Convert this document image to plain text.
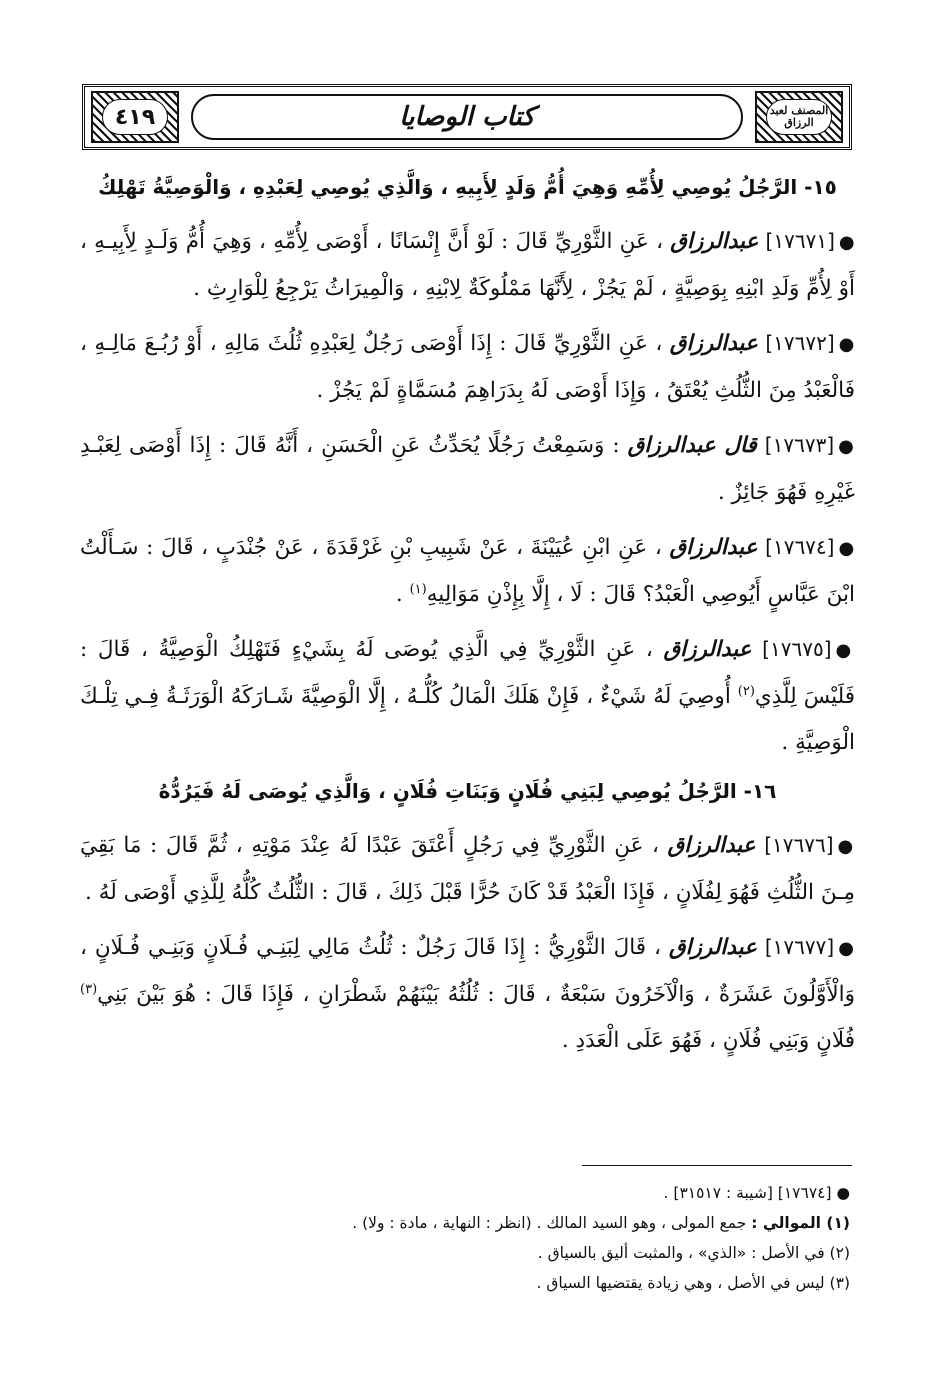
المصنف لعبد الرزاق
كتاب الوصايا
٤١٩
١٥- الرَّجُلُ يُوصِي لِأُمِّهِ وَهِيَ أُمُّ وَلَدٍ لِأَبِيهِ ، وَالَّذِي يُوصِي لِعَبْدِهِ ، وَالْوَصِيَّةُ تَهْلِكُ

●[١٧٦٧١] عبدالرزاق ، عَنِ الثَّوْرِيِّ قَالَ : لَوْ أَنَّ إِنْسَانًا ، أَوْصَى لِأُمِّهِ ، وَهِيَ أُمُّ وَلَـدٍ لِأَبِيـهِ ، أَوْ لِأُمِّ وَلَدِ ابْنِهِ بِوَصِيَّةٍ ، لَمْ يَجُزْ ، لِأَنَّهَا مَمْلُوكَةٌ لِابْنِهِ ، وَالْمِيرَاثُ يَرْجِعُ لِلْوَارِثِ .

●[١٧٦٧٢] عبدالرزاق ، عَنِ الثَّوْرِيِّ قَالَ : إِذَا أَوْصَى رَجُلٌ لِعَبْدِهِ ثُلُثَ مَالِهِ ، أَوْ رُبُـعَ مَالِـهِ ، فَالْعَبْدُ مِنَ الثُّلُثِ يُعْتَقُ ، وَإِذَا أَوْصَى لَهُ بِدَرَاهِمَ مُسَمَّاةٍ لَمْ يَجُزْ .

●[١٧٦٧٣] قال عبدالرزاق : وَسَمِعْتُ رَجُلًا يُحَدِّثُ عَنِ الْحَسَنِ ، أَنَّهُ قَالَ : إِذَا أَوْصَى لِعَبْـدِ غَيْرِهِ فَهُوَ جَائِزٌ .

●[١٧٦٧٤] عبدالرزاق ، عَنِ ابْنِ عُيَيْنَةَ ، عَنْ شَبِيبِ بْنِ غَرْقَدَةَ ، عَنْ جُنْدَبٍ ، قَالَ : سَـأَلْتُ ابْنَ عَبَّاسٍ أَيُوصِي الْعَبْدُ؟ قَالَ : لَا ، إِلَّا بِإِذْنِ مَوَالِيهِ$^{(١)}$ .

●[١٧٦٧٥] عبدالرزاق ، عَنِ الثَّوْرِيِّ فِي الَّذِي يُوصَى لَهُ بِشَيْءٍ فَتَهْلِكُ الْوَصِيَّةُ ، قَالَ : فَلَيْسَ لِلَّذِي$^{(٢)}$ أُوصِيَ لَهُ شَيْءٌ ، فَإِنْ هَلَكَ الْمَالُ كُلُّـهُ ، إِلَّا الْوَصِيَّةَ شَـارَكَهُ الْوَرَثَـةُ فِـي تِلْـكَ الْوَصِيَّةِ .

١٦- الرَّجُلُ يُوصِي لِبَنِي فُلَانٍ وَبَنَاتِ فُلَانٍ ، وَالَّذِي يُوصَى لَهُ فَيَرُدُّهُ

●[١٧٦٧٦] عبدالرزاق ، عَنِ الثَّوْرِيِّ فِي رَجُلٍ أَعْتَقَ عَبْدًا لَهُ عِنْدَ مَوْتِهِ ، ثُمَّ قَالَ : مَا بَقِيَ مِـنَ الثُّلُثِ فَهُوَ لِفُلَانٍ ، فَإِذَا الْعَبْدُ قَدْ كَانَ حُرًّا قَبْلَ ذَلِكَ ، قَالَ : الثُّلُثُ كُلُّهُ لِلَّذِي أَوْصَى لَهُ .

●[١٧٦٧٧] عبدالرزاق ، قَالَ الثَّوْرِيُّ : إِذَا قَالَ رَجُلٌ : ثُلُثُ مَالِي لِبَنِـي فُـلَانٍ وَبَنِـي فُـلَانٍ ، وَالْأَوَّلُونَ عَشَرَةٌ ، وَالْآخَرُونَ سَبْعَةٌ ، قَالَ : ثُلُثُهُ بَيْنَهُمْ شَطْرَانِ ، فَإِذَا قَالَ : هُوَ بَيْنَ بَنِي$^{(٣)}$ فُلَانٍ وَبَنِي فُلَانٍ ، فَهُوَ عَلَى الْعَدَدِ .

● [١٧٦٧٤] [شيبة : ٣١٥١٧] .
(١) الموالي : جمع المولى ، وهو السيد المالك . (انظر : النهاية ، مادة : ولا) .
(٢) في الأصل : «الذي» ، والمثبت أليق بالسياق .
(٣) ليس في الأصل ، وهي زيادة يقتضيها السياق .
